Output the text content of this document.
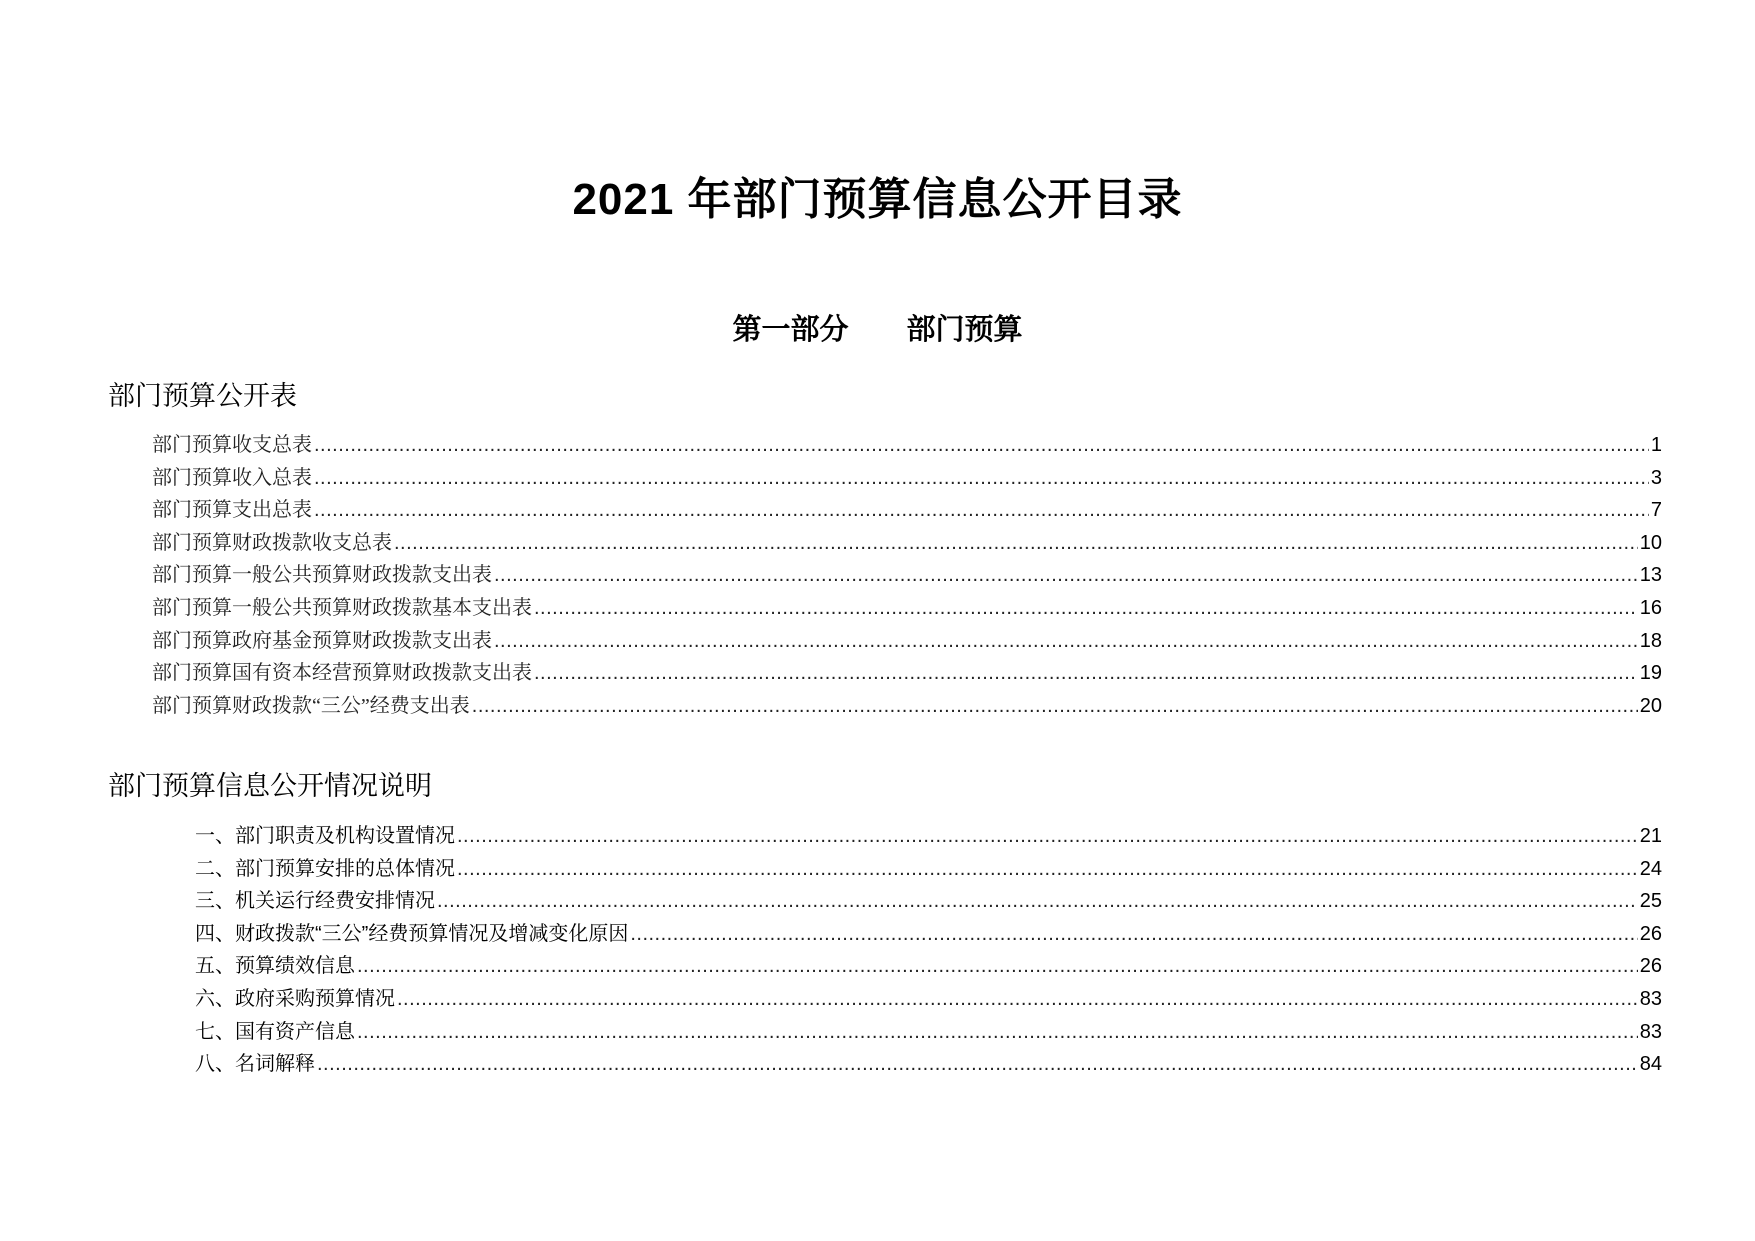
2021 年部门预算信息公开目录
第一部分　　部门预算
部门预算公开表
部门预算收支总表 .....	1
部门预算收入总表 .....	3
部门预算支出总表 .....	7
部门预算财政拨款收支总表 .....	10
部门预算一般公共预算财政拨款支出表 .....	13
部门预算一般公共预算财政拨款基本支出表 .....	16
部门预算政府基金预算财政拨款支出表 .....	18
部门预算国有资本经营预算财政拨款支出表 .....	19
部门预算财政拨款“三公”经费支出表 .....	20
部门预算信息公开情况说明
一、部门职责及机构设置情况 .....	21
二、部门预算安排的总体情况 .....	24
三、机关运行经费安排情况 .....	25
四、财政拨款“三公”经费预算情况及增减变化原因 .....	26
五、预算绩效信息 .....	26
六、政府采购预算情况 .....	83
七、国有资产信息 .....	83
八、名词解释 .....	84
